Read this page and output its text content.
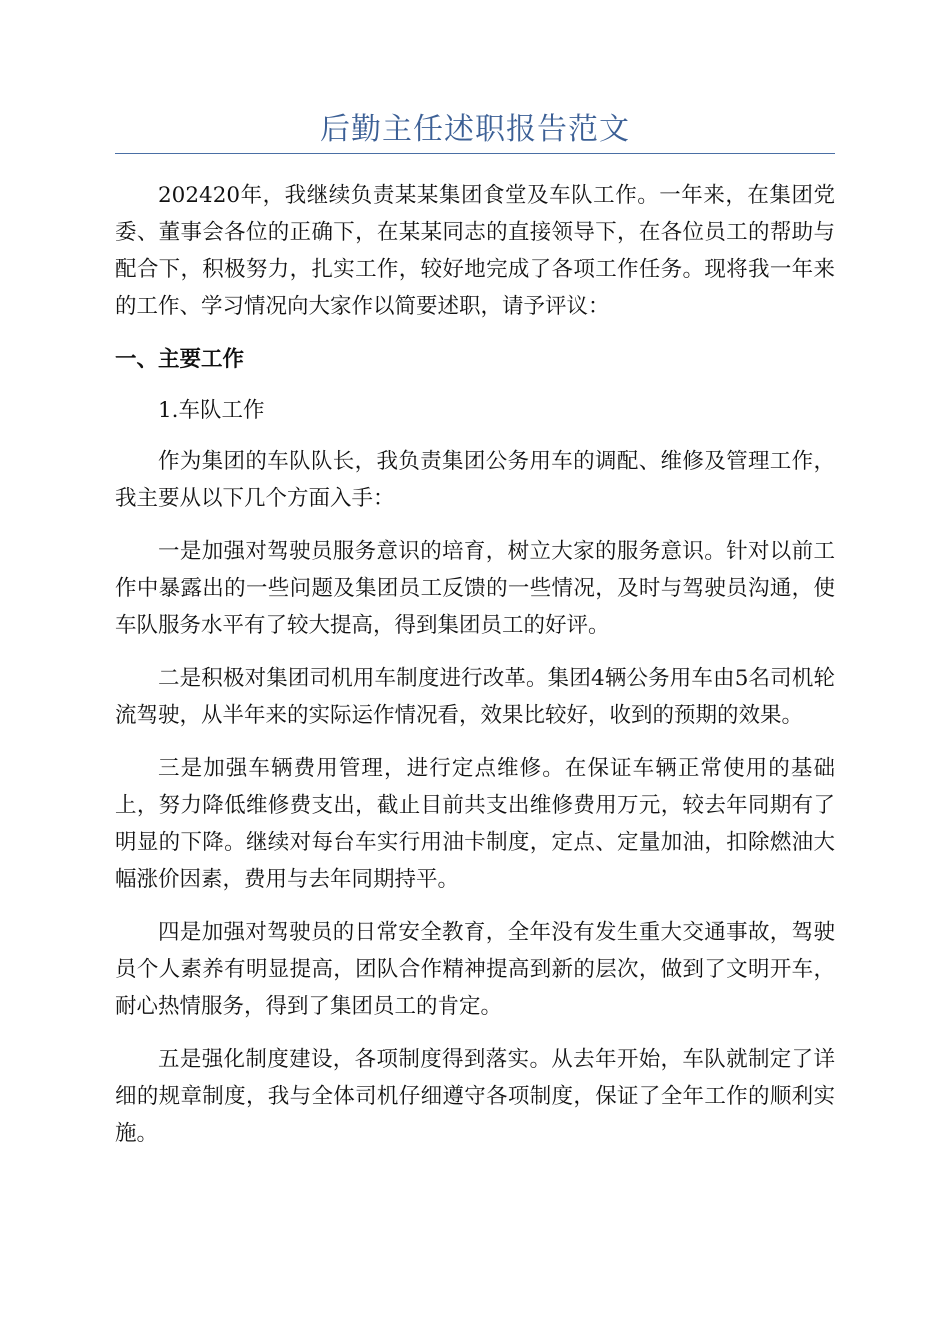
后勤主任述职报告范文

202420年，我继续负责某某集团食堂及车队工作。一年来，在集团党委、董事会各位的正确下，在某某同志的直接领导下，在各位员工的帮助与配合下，积极努力，扎实工作，较好地完成了各项工作任务。现将我一年来的工作、学习情况向大家作以简要述职，请予评议：

一、主要工作

1.车队工作

作为集团的车队队长，我负责集团公务用车的调配、维修及管理工作，我主要从以下几个方面入手：

一是加强对驾驶员服务意识的培育，树立大家的服务意识。针对以前工作中暴露出的一些问题及集团员工反馈的一些情况，及时与驾驶员沟通，使车队服务水平有了较大提高，得到集团员工的好评。

二是积极对集团司机用车制度进行改革。集团4辆公务用车由5名司机轮流驾驶，从半年来的实际运作情况看，效果比较好，收到的预期的效果。

三是加强车辆费用管理，进行定点维修。在保证车辆正常使用的基础上，努力降低维修费支出，截止目前共支出维修费用万元，较去年同期有了明显的下降。继续对每台车实行用油卡制度，定点、定量加油，扣除燃油大幅涨价因素，费用与去年同期持平。

四是加强对驾驶员的日常安全教育，全年没有发生重大交通事故，驾驶员个人素养有明显提高，团队合作精神提高到新的层次，做到了文明开车，耐心热情服务，得到了集团员工的肯定。

五是强化制度建设，各项制度得到落实。从去年开始，车队就制定了详细的规章制度，我与全体司机仔细遵守各项制度，保证了全年工作的顺利实施。
